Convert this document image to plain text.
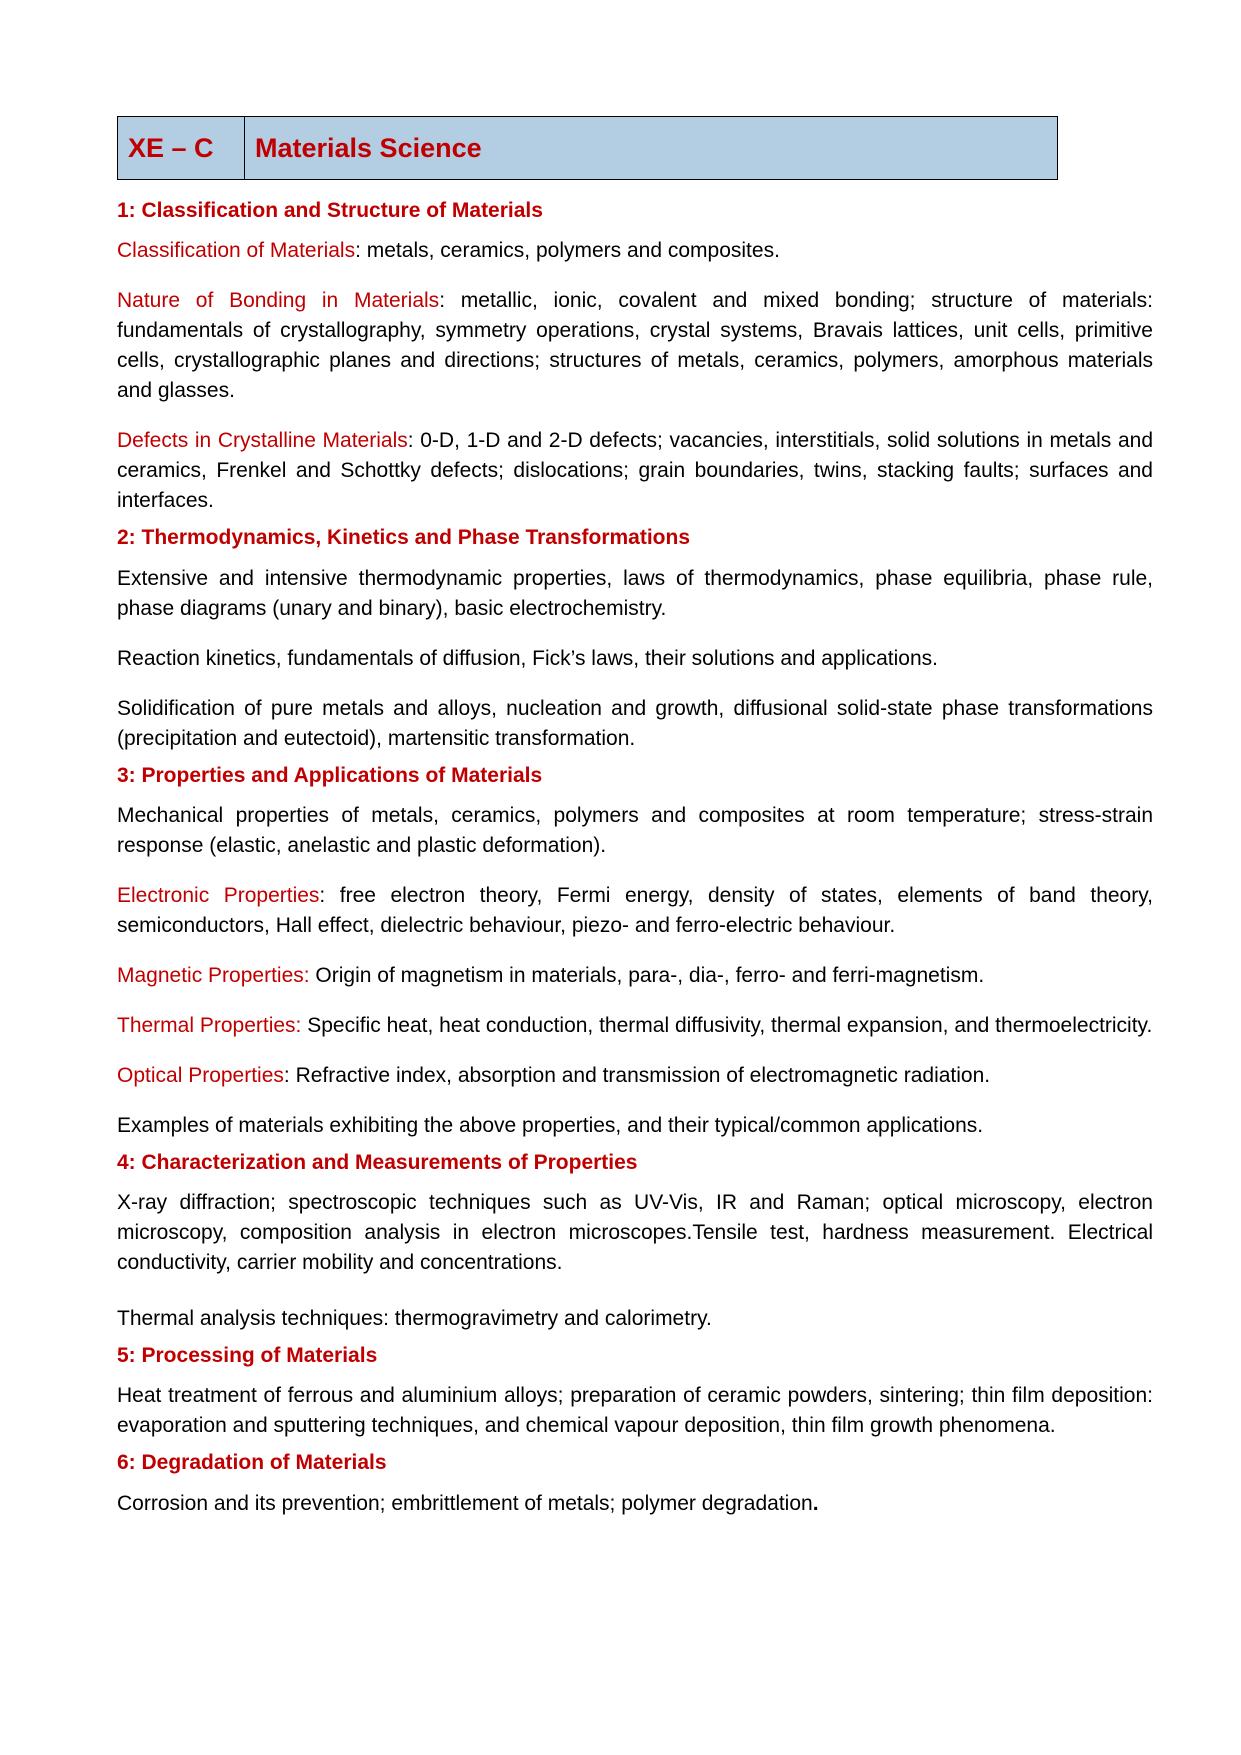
XE – C	Materials Science
1: Classification and Structure of Materials

Classification of Materials: metals, ceramics, polymers and composites.

Nature of Bonding in Materials: metallic, ionic, covalent and mixed bonding; structure of materials: fundamentals of crystallography, symmetry operations, crystal systems, Bravais lattices, unit cells, primitive cells, crystallographic planes and directions; structures of metals, ceramics, polymers, amorphous materials and glasses.

Defects in Crystalline Materials: 0-D, 1-D and 2-D defects; vacancies, interstitials, solid solutions in metals and ceramics, Frenkel and Schottky defects; dislocations; grain boundaries, twins, stacking faults; surfaces and interfaces.

2: Thermodynamics, Kinetics and Phase Transformations

Extensive and intensive thermodynamic properties, laws of thermodynamics, phase equilibria, phase rule, phase diagrams (unary and binary), basic electrochemistry.

Reaction kinetics, fundamentals of diffusion, Fick’s laws, their solutions and applications.

Solidification of pure metals and alloys, nucleation and growth, diffusional solid-state phase transformations (precipitation and eutectoid), martensitic transformation.

3: Properties and Applications of Materials

Mechanical properties of metals, ceramics, polymers and composites at room temperature; stress-strain response (elastic, anelastic and plastic deformation).

Electronic Properties: free electron theory, Fermi energy, density of states, elements of band theory, semiconductors, Hall effect, dielectric behaviour, piezo- and ferro-electric behaviour.

Magnetic Properties: Origin of magnetism in materials, para-, dia-, ferro- and ferri-magnetism.

Thermal Properties: Specific heat, heat conduction, thermal diffusivity, thermal expansion, and thermoelectricity.

Optical Properties: Refractive index, absorption and transmission of electromagnetic radiation.

Examples of materials exhibiting the above properties, and their typical/common applications.

4: Characterization and Measurements of Properties

X-ray diffraction; spectroscopic techniques such as UV-Vis, IR and Raman; optical microscopy, electron microscopy, composition analysis in electron microscopes.Tensile test, hardness measurement. Electrical conductivity, carrier mobility and concentrations.

Thermal analysis techniques: thermogravimetry and calorimetry.

5: Processing of Materials

Heat treatment of ferrous and aluminium alloys; preparation of ceramic powders, sintering; thin film deposition: evaporation and sputtering techniques, and chemical vapour deposition, thin film growth phenomena.

6: Degradation of Materials

Corrosion and its prevention; embrittlement of metals; polymer degradation.
